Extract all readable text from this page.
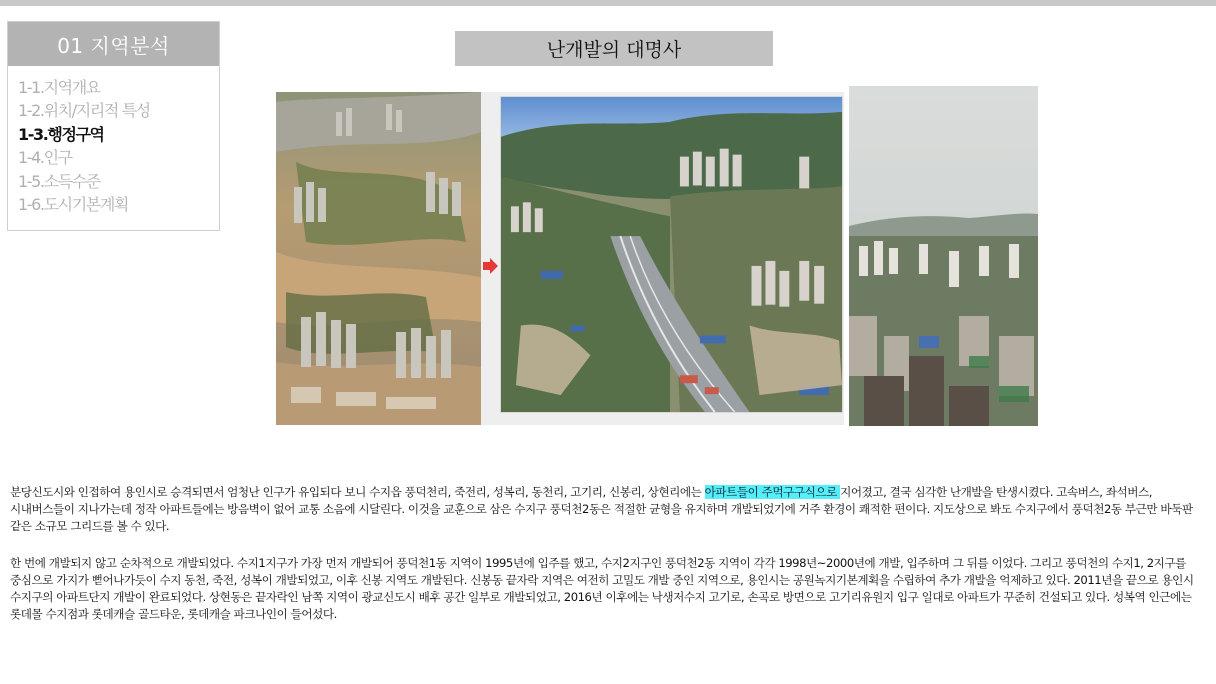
01 지역분석
1-1.지역개요
1-2.위치/지리적 특성
1-3.행정구역
1-4.인구
1-5.소득수준
1-6.도시기본계획
난개발의 대명사

분당신도시와 인접하여 용인시로 승격되면서 엄청난 인구가 유입되다 보니 수지읍 풍덕천리, 죽전리, 성복리, 동천리, 고기리, 신봉리, 상현리에는 아파트들이 주먹구구식으로 지어졌고, 결국 심각한 난개발을 탄생시켰다. 고속버스, 좌석버스, 시내버스들이 지나가는데 정작 아파트들에는 방음벽이 없어 교통 소음에 시달린다. 이것을 교훈으로 삼은 수지구 풍덕천2동은 적절한 균형을 유지하며 개발되었기에 거주 환경이 쾌적한 편이다. 지도상으로 봐도 수지구에서 풍덕천2동 부근만 바둑판 같은 소규모 그리드를 볼 수 있다.

한 번에 개발되지 않고 순차적으로 개발되었다. 수지1지구가 가장 먼저 개발되어 풍덕천1동 지역이 1995년에 입주를 했고, 수지2지구인 풍덕천2동 지역이 각각 1998년~2000년에 개발, 입주하며 그 뒤를 이었다. 그리고 풍덕천의 수지1, 2지구를 중심으로 가지가 뻗어나가듯이 수지 동천, 죽전, 성복이 개발되었고, 이후 신봉 지역도 개발된다. 신봉동 끝자락 지역은 여전히 고밀도 개발 중인 지역으로, 용인시는 공원녹지기본계획을 수립하여 추가 개발을 억제하고 있다. 2011년을 끝으로 용인시 수지구의 아파트단지 개발이 완료되었다. 상현동은 끝자락인 남쪽 지역이 광교신도시 배후 공간 일부로 개발되었고, 2016년 이후에는 낙생저수지 고기로, 손곡로 방면으로 고기리유원지 입구 일대로 아파트가 꾸준히 건설되고 있다. 성복역 인근에는 롯데몰 수지점과 롯데캐슬 골드타운, 롯데캐슬 파크나인이 들어섰다.
